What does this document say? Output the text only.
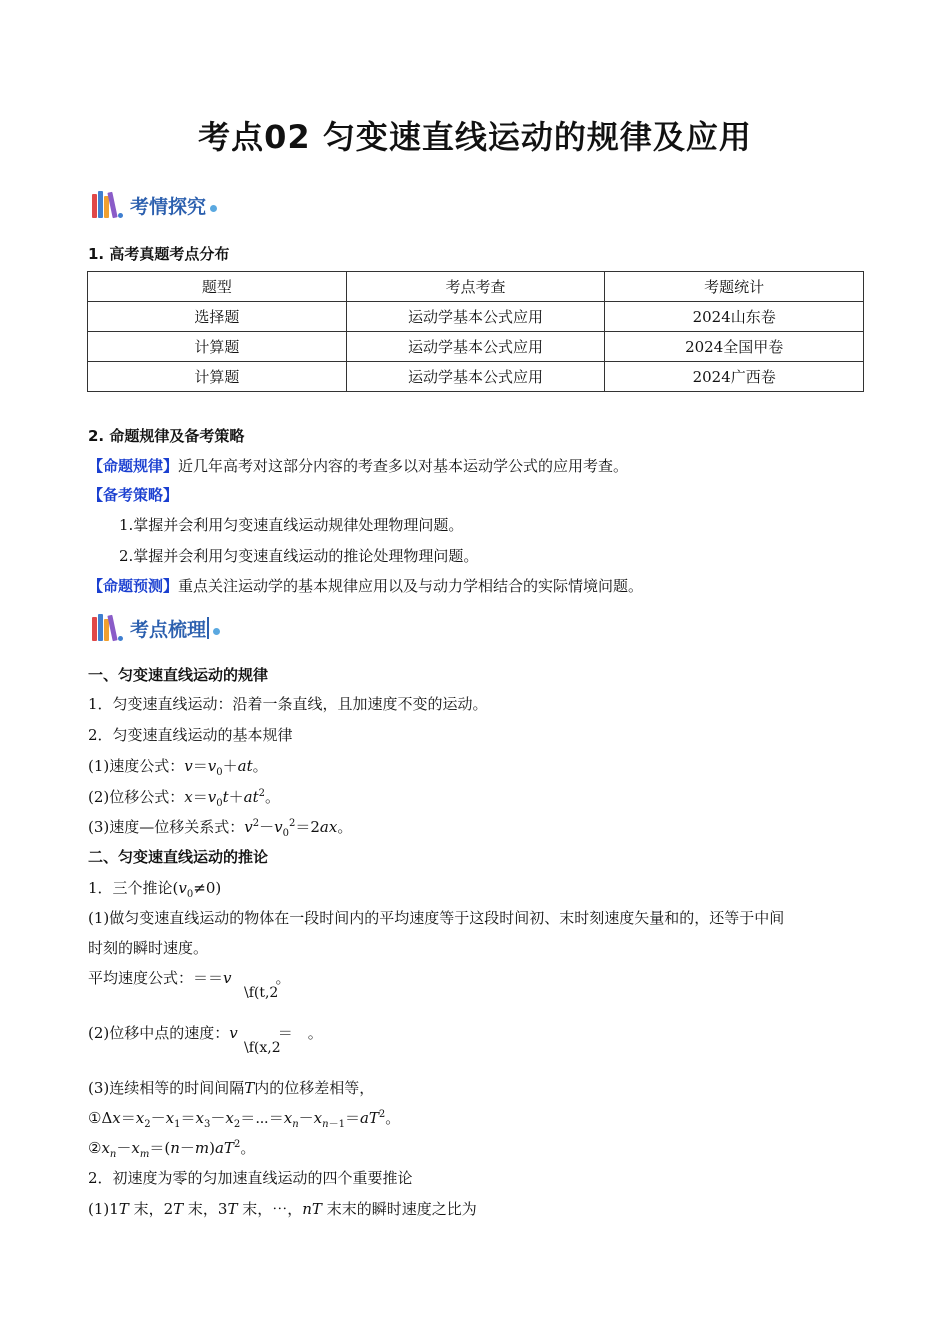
考点02 匀变速直线运动的规律及应用
考情探究
1. 高考真题考点分布
题型	考点考查	考题统计
选择题	运动学基本公式应用	2024山东卷
计算题	运动学基本公式应用	2024全国甲卷
计算题	运动学基本公式应用	2024广西卷
2. 命题规律及备考策略
【命题规律】近几年高考对这部分内容的考查多以对基本运动学公式的应用考查。
【备考策略】
1.掌握并会利用匀变速直线运动规律处理物理问题。
2.掌握并会利用匀变速直线运动的推论处理物理问题。
【命题预测】重点关注运动学的基本规律应用以及与动力学相结合的实际情境问题。
考点梳理
一、匀变速直线运动的规律
1．匀变速直线运动：沿着一条直线，且加速度不变的运动。
2．匀变速直线运动的基本规律
(1)速度公式：$v=v_0+at$。
(2)位移公式：$x=v_0t+at^2$。
(3)速度—位移关系式：$v^2-v_0^2=2ax$。
二、匀变速直线运动的推论
1．三个推论$(v_0\ne 0)$
(1)做匀变速直线运动的物体在一段时间内的平均速度等于这段时间初、末时刻速度矢量和的，还等于中间
时刻的瞬时速度。
平均速度公式：＝＝v	。
\f(t,2
(2)位移中点的速度：v	＝　。
\f(x,2
(3)连续相等的时间间隔T内的位移差相等，
$①\Delta x=x_2-x_1=x_3-x_2=\cdots=x_n-x_{n-1}=aT^2$。
$②x_n-x_m=(n-m)aT^2$。
2．初速度为零的匀加速直线运动的四个重要推论
(1)1T 末，2T 末，3T 末，⋯，nT 末末的瞬时速度之比为
